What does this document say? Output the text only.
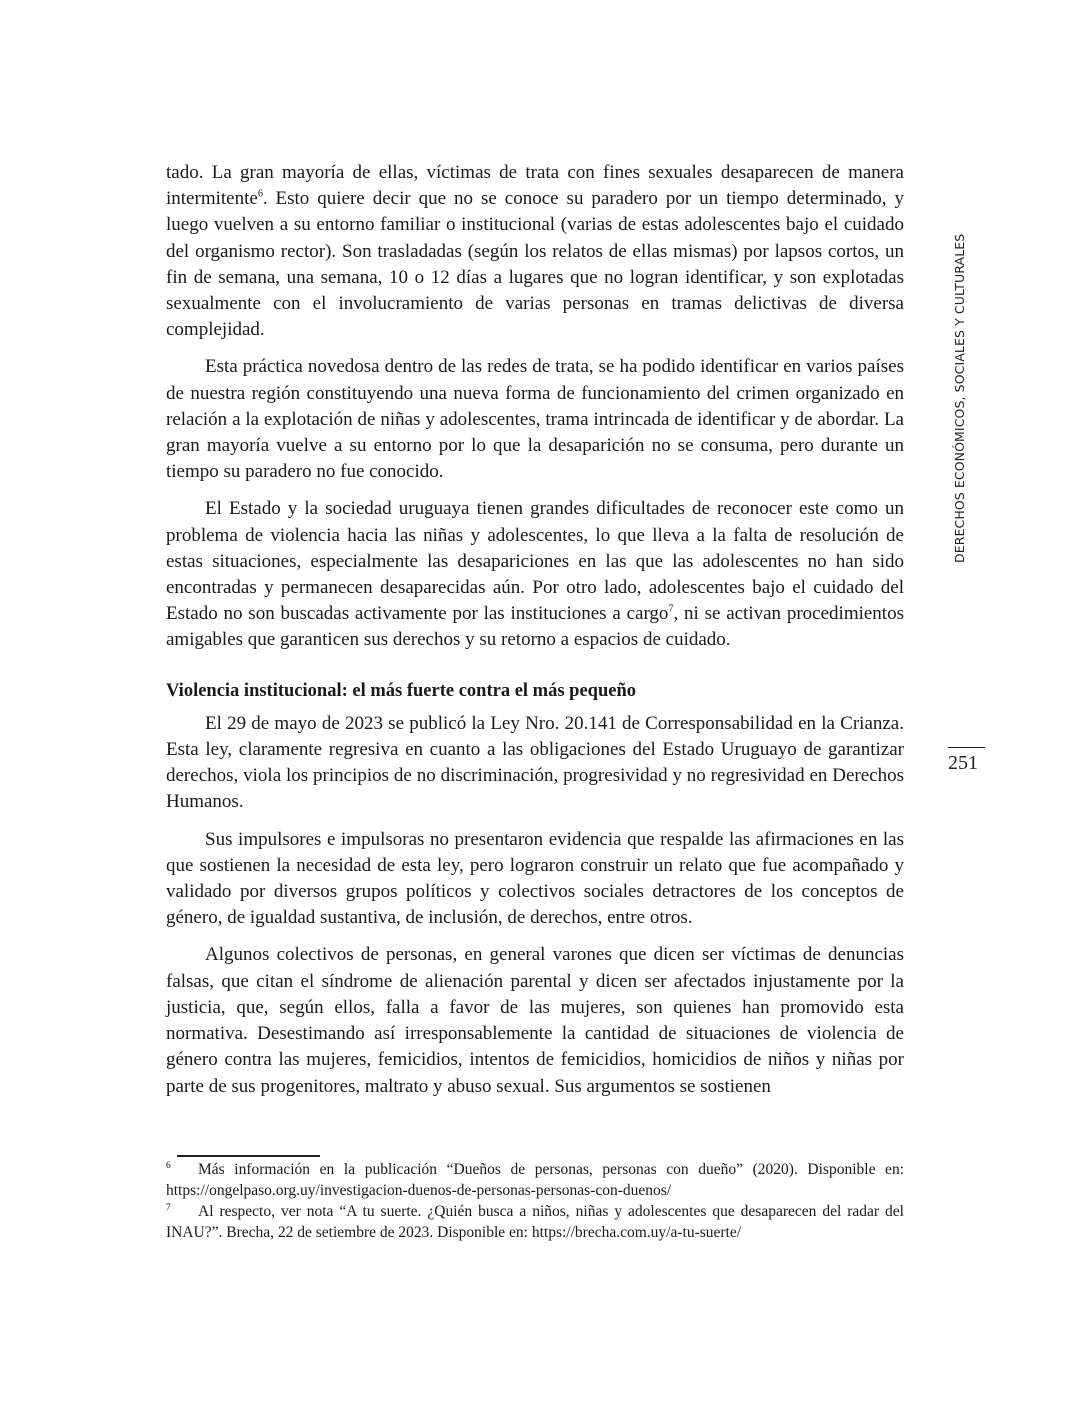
tado. La gran mayoría de ellas, víctimas de trata con fines sexuales desaparecen de manera intermitente$^6$. Esto quiere decir que no se conoce su paradero por un tiempo determinado, y luego vuelven a su entorno familiar o institucional (varias de estas adolescentes bajo el cuidado del organismo rector). Son trasladadas (según los relatos de ellas mismas) por lapsos cortos, un fin de semana, una semana, 10 o 12 días a lugares que no logran identificar, y son explotadas sexualmente con el involucramiento de varias personas en tramas delictivas de diversa complejidad.

Esta práctica novedosa dentro de las redes de trata, se ha podido identificar en varios países de nuestra región constituyendo una nueva forma de funcionamiento del crimen organizado en relación a la explotación de niñas y adolescentes, trama intrincada de identificar y de abordar. La gran mayoría vuelve a su entorno por lo que la desaparición no se consuma, pero durante un tiempo su paradero no fue conocido.

El Estado y la sociedad uruguaya tienen grandes dificultades de reconocer este como un problema de violencia hacia las niñas y adolescentes, lo que lleva a la falta de resolución de estas situaciones, especialmente las desapariciones en las que las adolescentes no han sido encontradas y permanecen desaparecidas aún. Por otro lado, adolescentes bajo el cuidado del Estado no son buscadas activamente por las instituciones a cargo$^7$, ni se activan procedimientos amigables que garanticen sus derechos y su retorno a espacios de cuidado.

Violencia institucional: el más fuerte contra el más pequeño

El 29 de mayo de 2023 se publicó la Ley Nro. 20.141 de Corresponsabilidad en la Crianza. Esta ley, claramente regresiva en cuanto a las obligaciones del Estado Uruguayo de garantizar derechos, viola los principios de no discriminación, progresividad y no regresividad en Derechos Humanos.

Sus impulsores e impulsoras no presentaron evidencia que respalde las afirmaciones en las que sostienen la necesidad de esta ley, pero lograron construir un relato que fue acompañado y validado por diversos grupos políticos y colectivos sociales detractores de los conceptos de género, de igualdad sustantiva, de inclusión, de derechos, entre otros.

Algunos colectivos de personas, en general varones que dicen ser víctimas de denuncias falsas, que citan el síndrome de alienación parental y dicen ser afectados injustamente por la justicia, que, según ellos, falla a favor de las mujeres, son quienes han promovido esta normativa. Desestimando así irresponsablemente la cantidad de situaciones de violencia de género contra las mujeres, femicidios, intentos de femicidios, homicidios de niños y niñas por parte de sus progenitores, maltrato y abuso sexual. Sus argumentos se sostienen

DERECHOS ECONÓMICOS, SOCIALES Y CULTURALES
251

6 Más información en la publicación “Dueños de personas, personas con dueño” (2020). Disponible en: https://ongelpaso.org.uy/investigacion-duenos-de-personas-personas-con-duenos/

7 Al respecto, ver nota “A tu suerte. ¿Quién busca a niños, niñas y adolescentes que desaparecen del radar del INAU?”. Brecha, 22 de setiembre de 2023. Disponible en: https://brecha.com.uy/a-tu-suerte/
